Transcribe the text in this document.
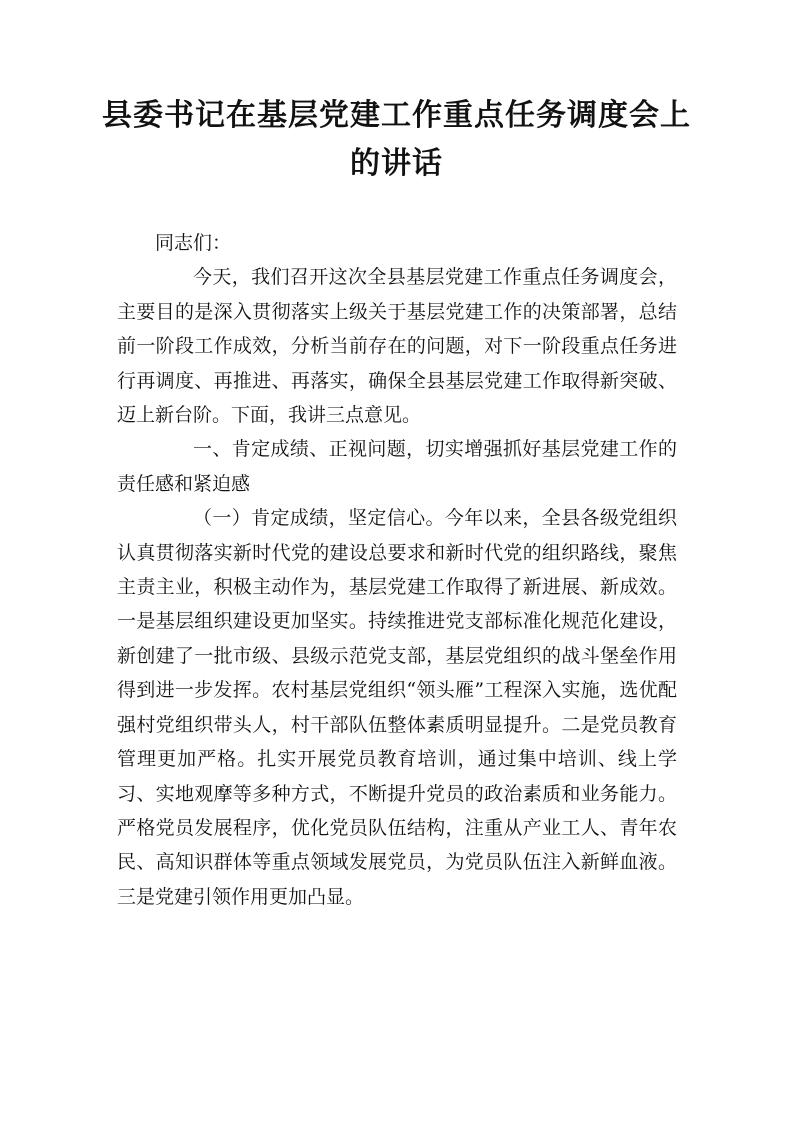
县委书记在基层党建工作重点任务调度会上的讲话

同志们：

今天，我们召开这次全县基层党建工作重点任务调度会，主要目的是深入贯彻落实上级关于基层党建工作的决策部署，总结前一阶段工作成效，分析当前存在的问题，对下一阶段重点任务进行再调度、再推进、再落实，确保全县基层党建工作取得新突破、迈上新台阶。下面，我讲三点意见。

一、肯定成绩、正视问题，切实增强抓好基层党建工作的责任感和紧迫感

（一）肯定成绩，坚定信心。今年以来，全县各级党组织认真贯彻落实新时代党的建设总要求和新时代党的组织路线，聚焦主责主业，积极主动作为，基层党建工作取得了新进展、新成效。一是基层组织建设更加坚实。持续推进党支部标准化规范化建设，新创建了一批市级、县级示范党支部，基层党组织的战斗堡垒作用得到进一步发挥。农村基层党组织“领头雁”工程深入实施，选优配强村党组织带头人，村干部队伍整体素质明显提升。二是党员教育管理更加严格。扎实开展党员教育培训，通过集中培训、线上学习、实地观摩等多种方式，不断提升党员的政治素质和业务能力。严格党员发展程序，优化党员队伍结构，注重从产业工人、青年农民、高知识群体等重点领域发展党员，为党员队伍注入新鲜血液。三是党建引领作用更加凸显。
